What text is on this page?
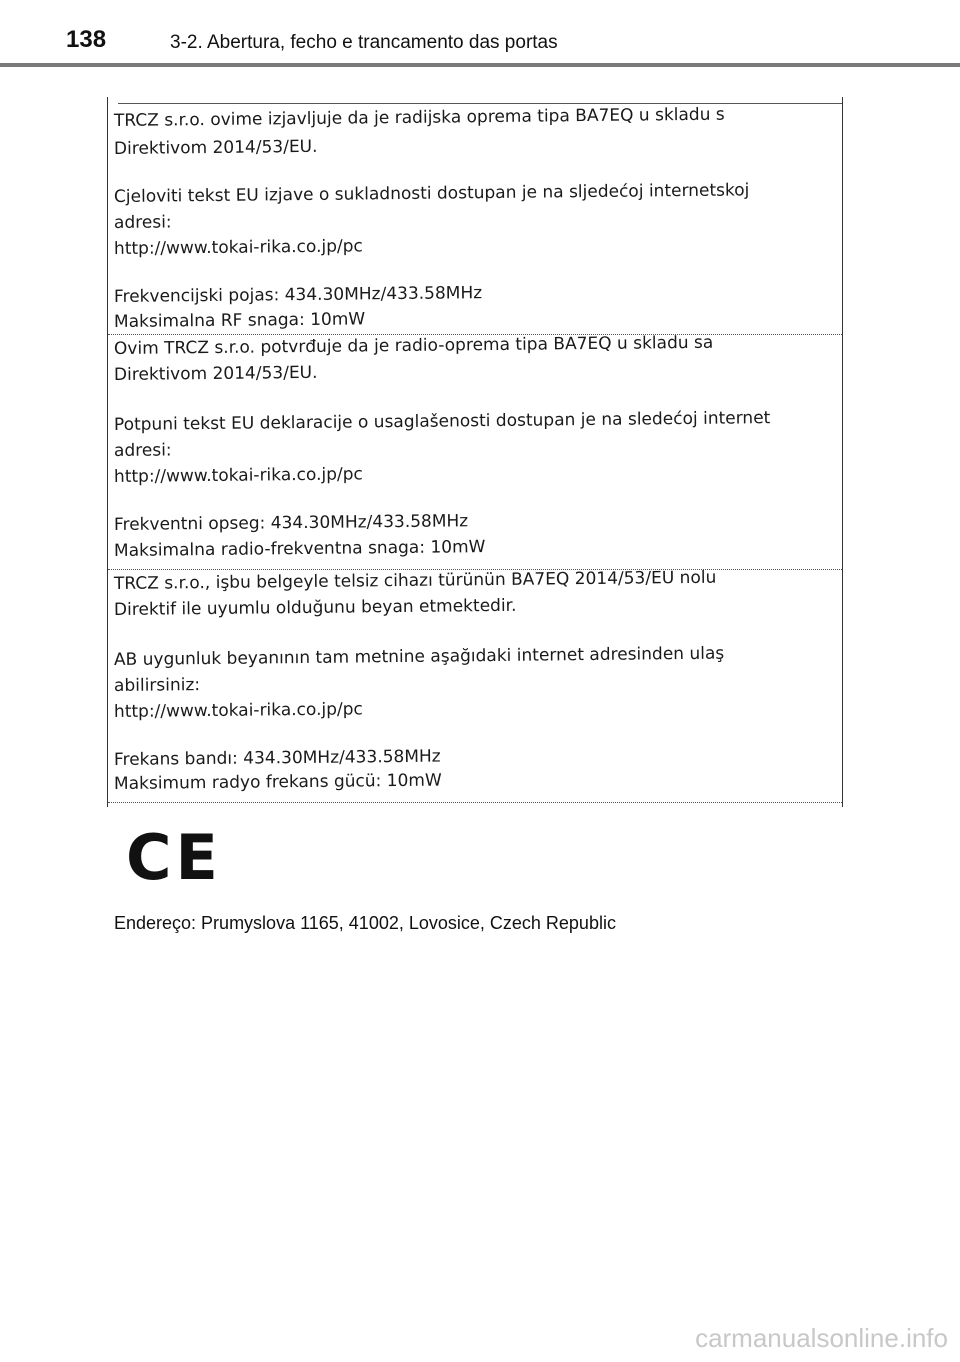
138	3-2. Abertura, fecho e trancamento das portas
TRCZ s.r.o. ovime izjavljuje da je radijska oprema tipa BA7EQ u skladu s
Direktivom 2014/53/EU.
Cjeloviti tekst EU izjave o sukladnosti dostupan je na sljedećoj internetskoj
adresi:
http://www.tokai-rika.co.jp/pc
Frekvencijski pojas: 434.30MHz/433.58MHz
Maksimalna RF snaga: 10mW
Ovim TRCZ s.r.o. potvrđuje da je radio-oprema tipa BA7EQ u skladu sa
Direktivom 2014/53/EU.
Potpuni tekst EU deklaracije o usaglašenosti dostupan je na sledećoj internet
adresi:
http://www.tokai-rika.co.jp/pc
Frekventni opseg: 434.30MHz/433.58MHz
Maksimalna radio-frekventna snaga: 10mW
TRCZ s.r.o., işbu belgeyle telsiz cihazı türünün BA7EQ 2014/53/EU nolu
Direktif ile uyumlu olduğunu beyan etmektedir.
AB uygunluk beyanının tam metnine aşağıdaki internet adresinden ulaş
abilirsiniz:
http://www.tokai-rika.co.jp/pc
Frekans bandı: 434.30MHz/433.58MHz
Maksimum radyo frekans gücü: 10mW
CE
Endereço: Prumyslova 1165, 41002, Lovosice, Czech Republic
carmanualsonline.info
